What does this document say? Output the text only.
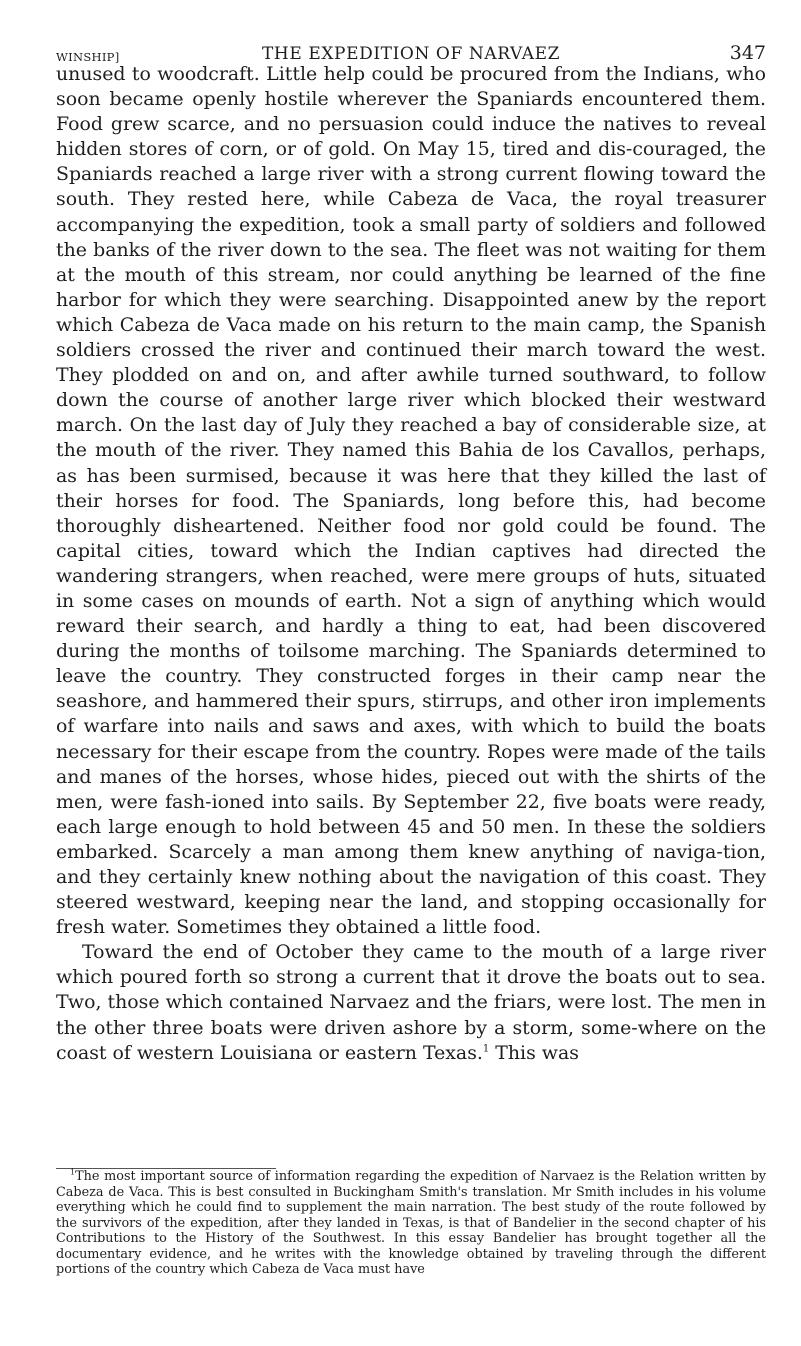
WINSHIP]	THE EXPEDITION OF NARVAEZ	347

unused to woodcraft. Little help could be procured from the Indians, who soon became openly hostile wherever the Spaniards encountered them. Food grew scarce, and no persuasion could induce the natives to reveal hidden stores of corn, or of gold. On May 15, tired and dis-couraged, the Spaniards reached a large river with a strong current flowing toward the south. They rested here, while Cabeza de Vaca, the royal treasurer accompanying the expedition, took a small party of soldiers and followed the banks of the river down to the sea. The fleet was not waiting for them at the mouth of this stream, nor could anything be learned of the fine harbor for which they were searching. Disappointed anew by the report which Cabeza de Vaca made on his return to the main camp, the Spanish soldiers crossed the river and continued their march toward the west. They plodded on and on, and after awhile turned southward, to follow down the course of another large river which blocked their westward march. On the last day of July they reached a bay of considerable size, at the mouth of the river. They named this Bahia de los Cavallos, perhaps, as has been surmised, because it was here that they killed the last of their horses for food. The Spaniards, long before this, had become thoroughly disheartened. Neither food nor gold could be found. The capital cities, toward which the Indian captives had directed the wandering strangers, when reached, were mere groups of huts, situated in some cases on mounds of earth. Not a sign of anything which would reward their search, and hardly a thing to eat, had been discovered during the months of toilsome marching. The Spaniards determined to leave the country. They constructed forges in their camp near the seashore, and hammered their spurs, stirrups, and other iron implements of warfare into nails and saws and axes, with which to build the boats necessary for their escape from the country. Ropes were made of the tails and manes of the horses, whose hides, pieced out with the shirts of the men, were fash-ioned into sails. By September 22, five boats were ready, each large enough to hold between 45 and 50 men. In these the soldiers embarked. Scarcely a man among them knew anything of naviga-tion, and they certainly knew nothing about the navigation of this coast. They steered westward, keeping near the land, and stopping occasionally for fresh water. Sometimes they obtained a little food.

Toward the end of October they came to the mouth of a large river which poured forth so strong a current that it drove the boats out to sea. Two, those which contained Narvaez and the friars, were lost. The men in the other three boats were driven ashore by a storm, some-where on the coast of western Louisiana or eastern Texas.$^1$ This was

$^1$The most important source of information regarding the expedition of Narvaez is the Relation written by Cabeza de Vaca. This is best consulted in Buckingham Smith's translation. Mr Smith includes in his volume everything which he could find to supplement the main narration. The best study of the route followed by the survivors of the expedition, after they landed in Texas, is that of Bandelier in the second chapter of his Contributions to the History of the Southwest. In this essay Bandelier has brought together all the documentary evidence, and he writes with the knowledge obtained by traveling through the different portions of the country which Cabeza de Vaca must have
